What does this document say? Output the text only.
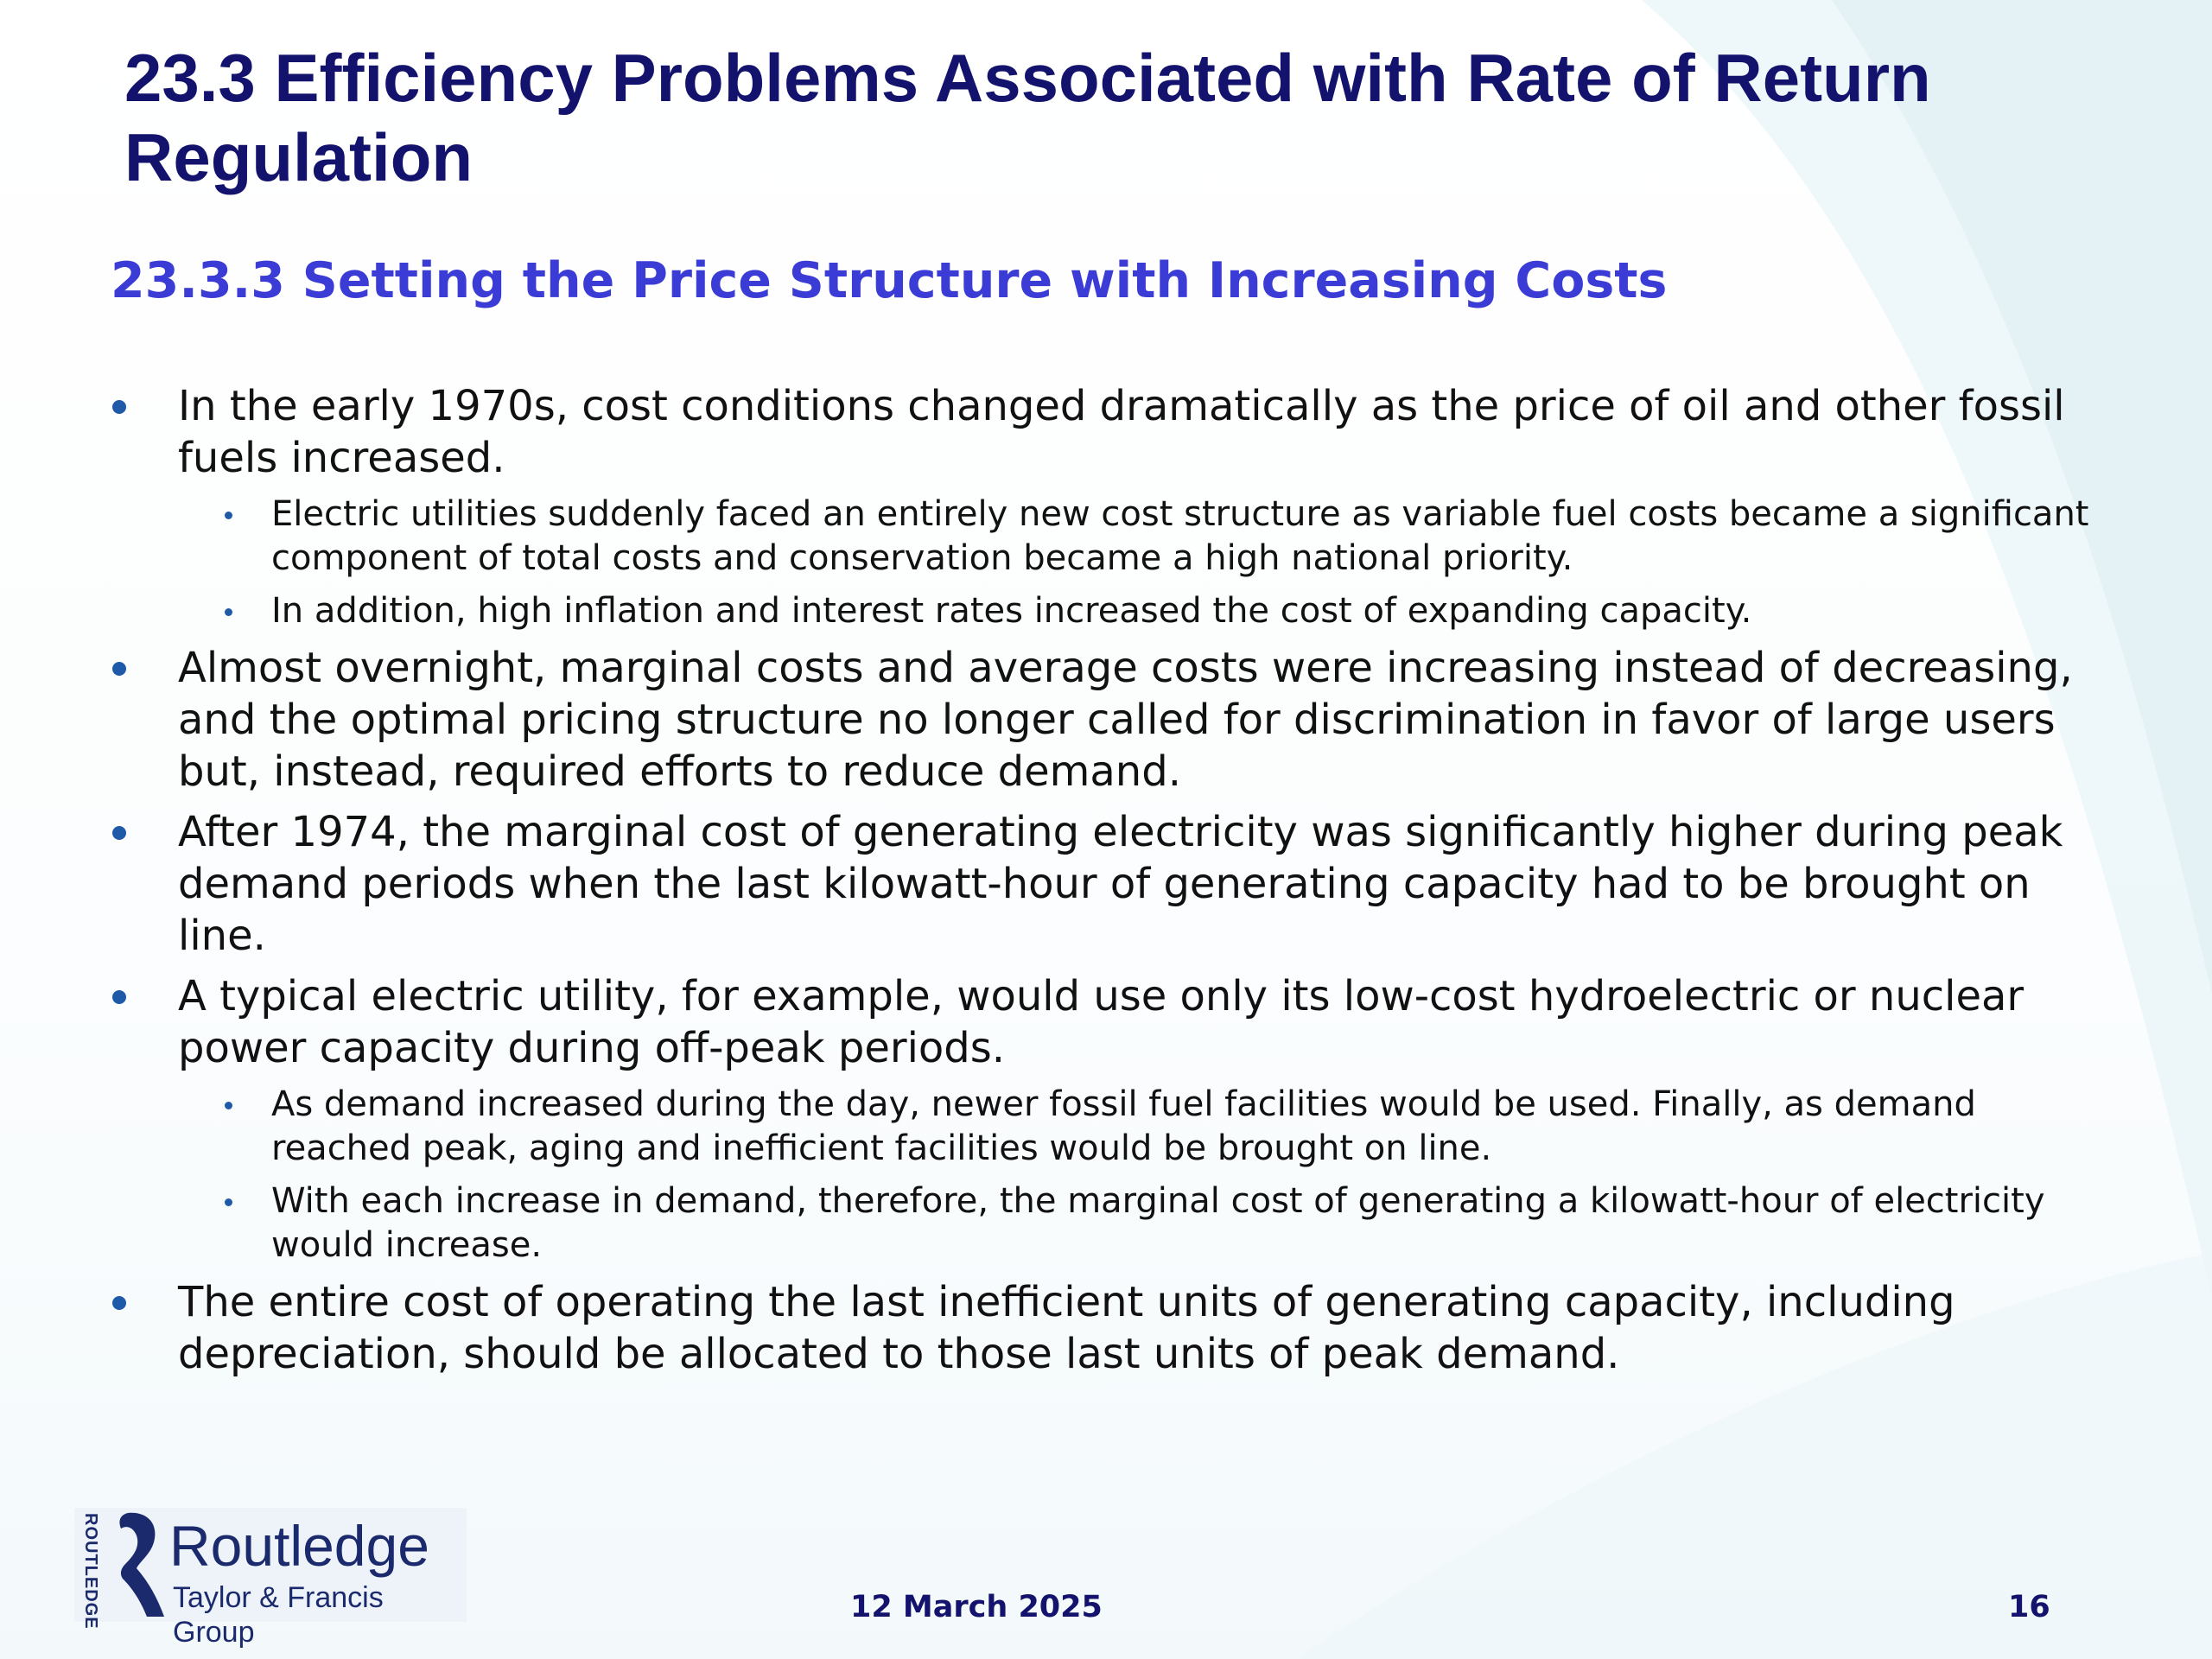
23.3 Efficiency Problems Associated with Rate of Return Regulation
23.3.3 Setting the Price Structure with Increasing Costs
In the early 1970s, cost conditions changed dramatically as the price of oil and other fossil fuels increased.
Electric utilities suddenly faced an entirely new cost structure as variable fuel costs became a significant component of total costs and conservation became a high national priority.
In addition, high inflation and interest rates increased the cost of expanding capacity.
Almost overnight, marginal costs and average costs were increasing instead of decreasing, and the optimal pricing structure no longer called for discrimination in favor of large users but, instead, required efforts to reduce demand.
After 1974, the marginal cost of generating electricity was significantly higher during peak demand periods when the last kilowatt-hour of generating capacity had to be brought on line.
A typical electric utility, for example, would use only its low-cost hydroelectric or nuclear power capacity during off-peak periods.
As demand increased during the day, newer fossil fuel facilities would be used. Finally, as demand reached peak, aging and inefficient facilities would be brought on line.
With each increase in demand, therefore, the marginal cost of generating a kilowatt-hour of electricity would increase.
The entire cost of operating the last inefficient units of generating capacity, including depreciation, should be allocated to those last units of peak demand.
ROUTLEDGE Routledge
Taylor & Francis Group
12 March 2025	16
